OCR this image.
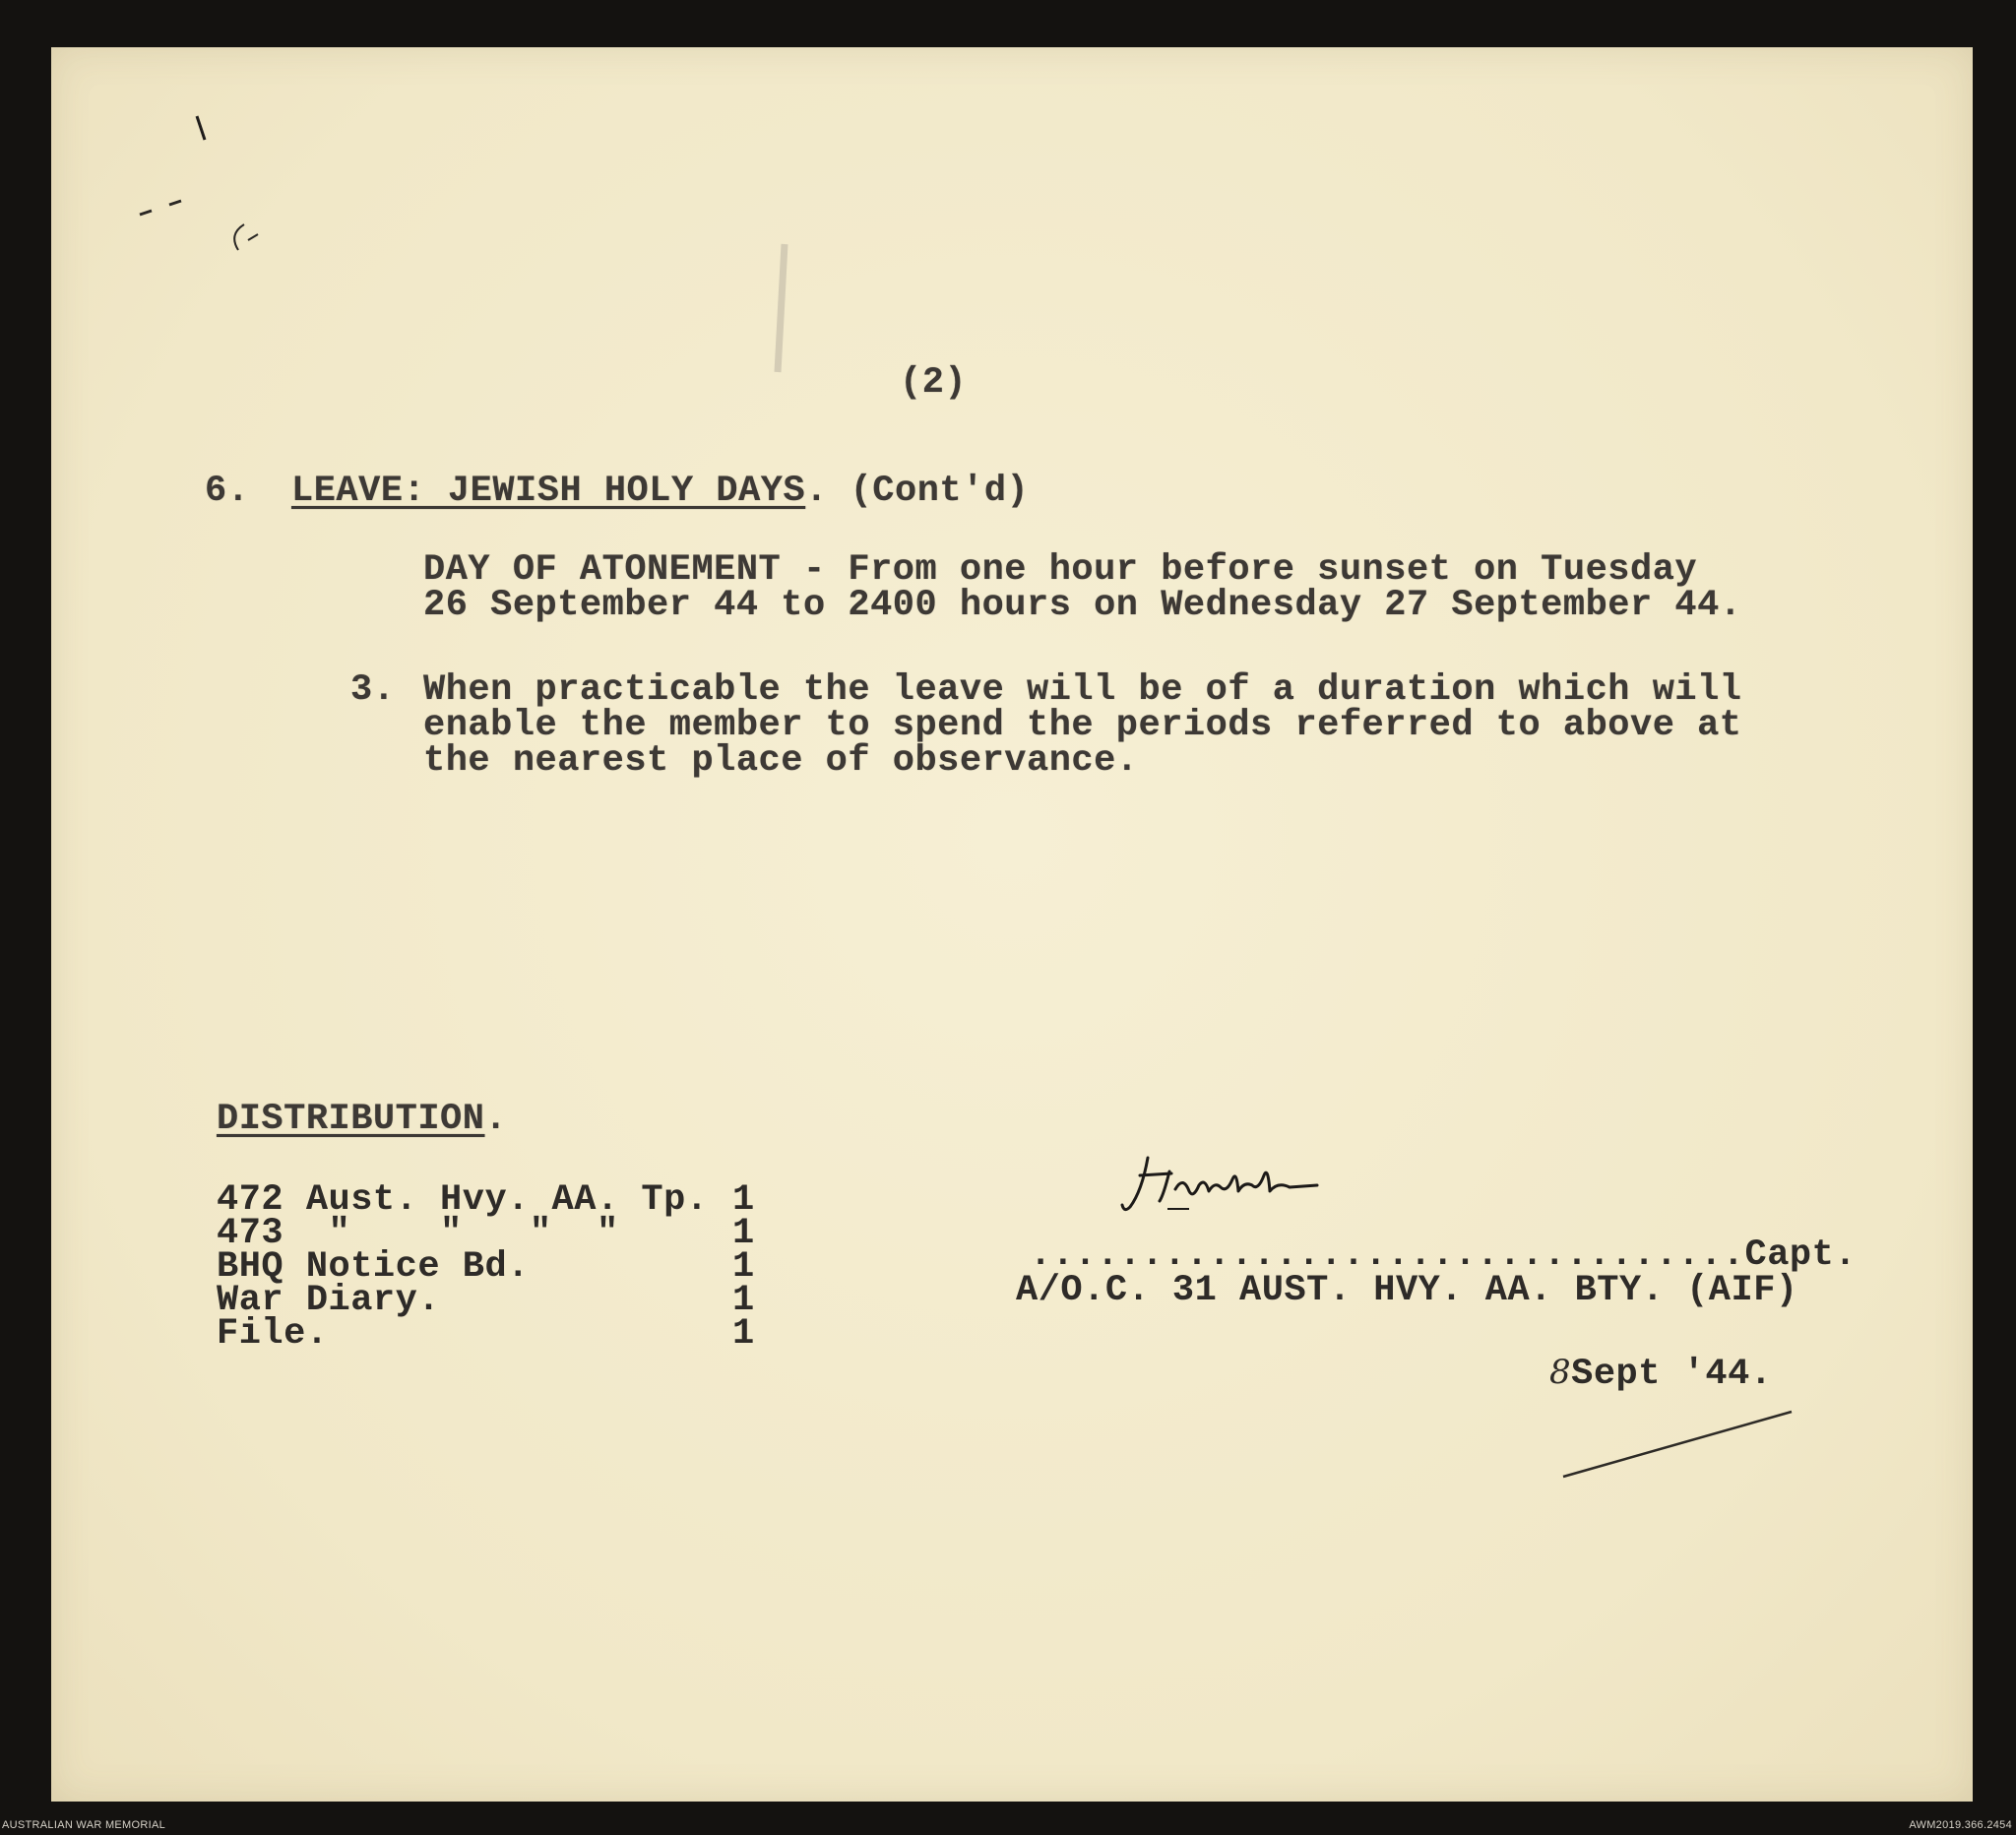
(2)

6. LEAVE: JEWISH HOLY DAYS. (Cont'd)

DAY OF ATONEMENT - From one hour before sunset on Tuesday

26 September 44 to 2400 hours on Wednesday 27 September 44.

3. When practicable the leave will be of a duration which will

enable the member to spend the periods referred to above at

the nearest place of observance.

DISTRIBUTION.

472 Aust. Hvy. AA. Tp. 1

473  "    "   "  "	1

BHQ Notice Bd.	1

War Diary.	1

File.	1

................................Capt.

A/O.C. 31 AUST. HVY. AA. BTY. (AIF)

8Sept '44.

AUSTRALIAN WAR MEMORIAL	AWM2019.366.2454
